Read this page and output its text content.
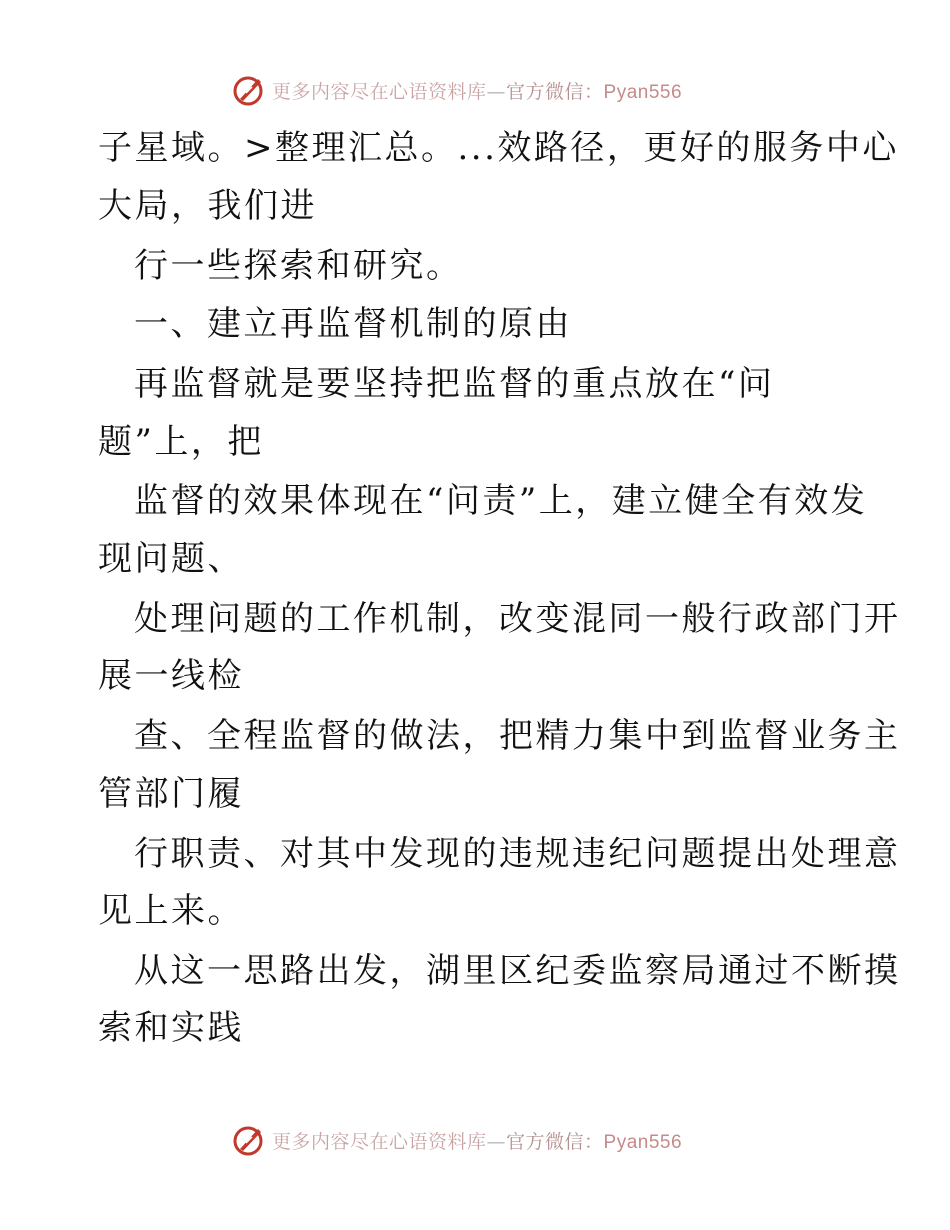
更多内容尽在心语资料库—官方微信：Pyan556
子星域。>整理汇总。...效路径，更好的服务中心
大局，我们进
行一些探索和研究。
一、建立再监督机制的原由
再监督就是要坚持把监督的重点放在“问
题”上，把
监督的效果体现在“问责”上，建立健全有效发
现问题、
处理问题的工作机制，改变混同一般行政部门开
展一线检
查、全程监督的做法，把精力集中到监督业务主
管部门履
行职责、对其中发现的违规违纪问题提出处理意
见上来。
从这一思路出发，湖里区纪委监察局通过不断摸
索和实践
更多内容尽在心语资料库—官方微信：Pyan556
